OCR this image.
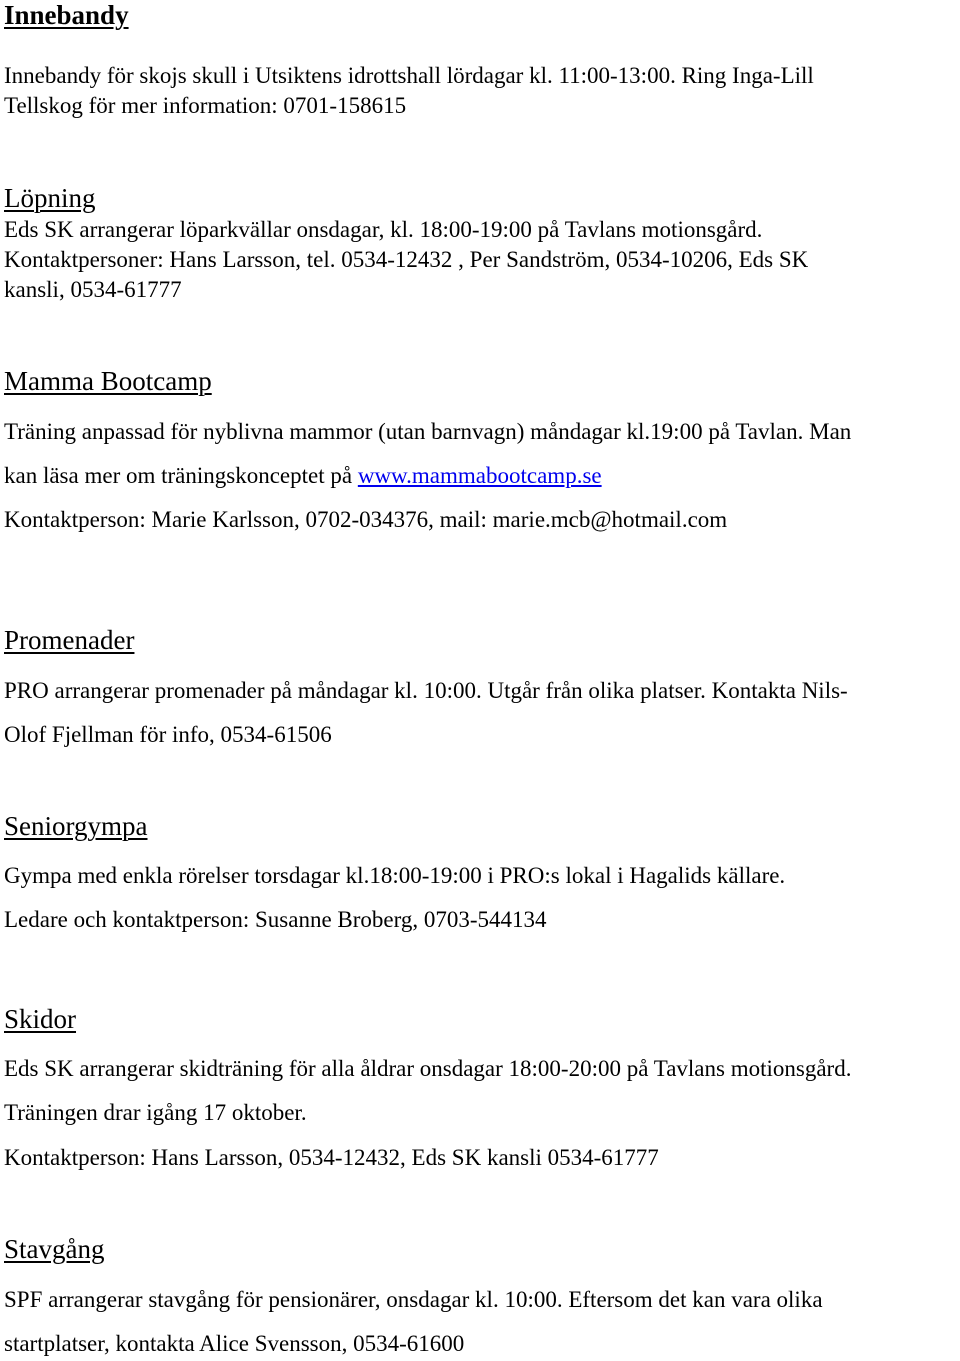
Innebandy
Innebandy för skojs skull i Utsiktens idrottshall lördagar kl. 11:00-13:00. Ring Inga-Lill
Tellskog för mer information: 0701-158615
Löpning
Eds SK arrangerar löparkvällar onsdagar, kl. 18:00-19:00 på Tavlans motionsgård.
Kontaktpersoner: Hans Larsson, tel. 0534-12432 , Per Sandström, 0534-10206, Eds SK
kansli, 0534-61777
Mamma Bootcamp
Träning anpassad för nyblivna mammor (utan barnvagn) måndagar kl.19:00 på Tavlan. Man
kan läsa mer om träningskonceptet på www.mammabootcamp.se
Kontaktperson: Marie Karlsson, 0702-034376, mail: marie.mcb@hotmail.com
Promenader
PRO arrangerar promenader på måndagar kl. 10:00. Utgår från olika platser. Kontakta Nils-
Olof Fjellman för info, 0534-61506
Seniorgympa
Gympa med enkla rörelser torsdagar kl.18:00-19:00 i PRO:s lokal i Hagalids källare.
Ledare och kontaktperson: Susanne Broberg, 0703-544134
Skidor
Eds SK arrangerar skidträning för alla åldrar onsdagar 18:00-20:00 på Tavlans motionsgård.
Träningen drar igång 17 oktober.
Kontaktperson: Hans Larsson, 0534-12432, Eds SK kansli 0534-61777
Stavgång
SPF arrangerar stavgång för pensionärer, onsdagar kl. 10:00. Eftersom det kan vara olika
startplatser, kontakta Alice Svensson, 0534-61600
